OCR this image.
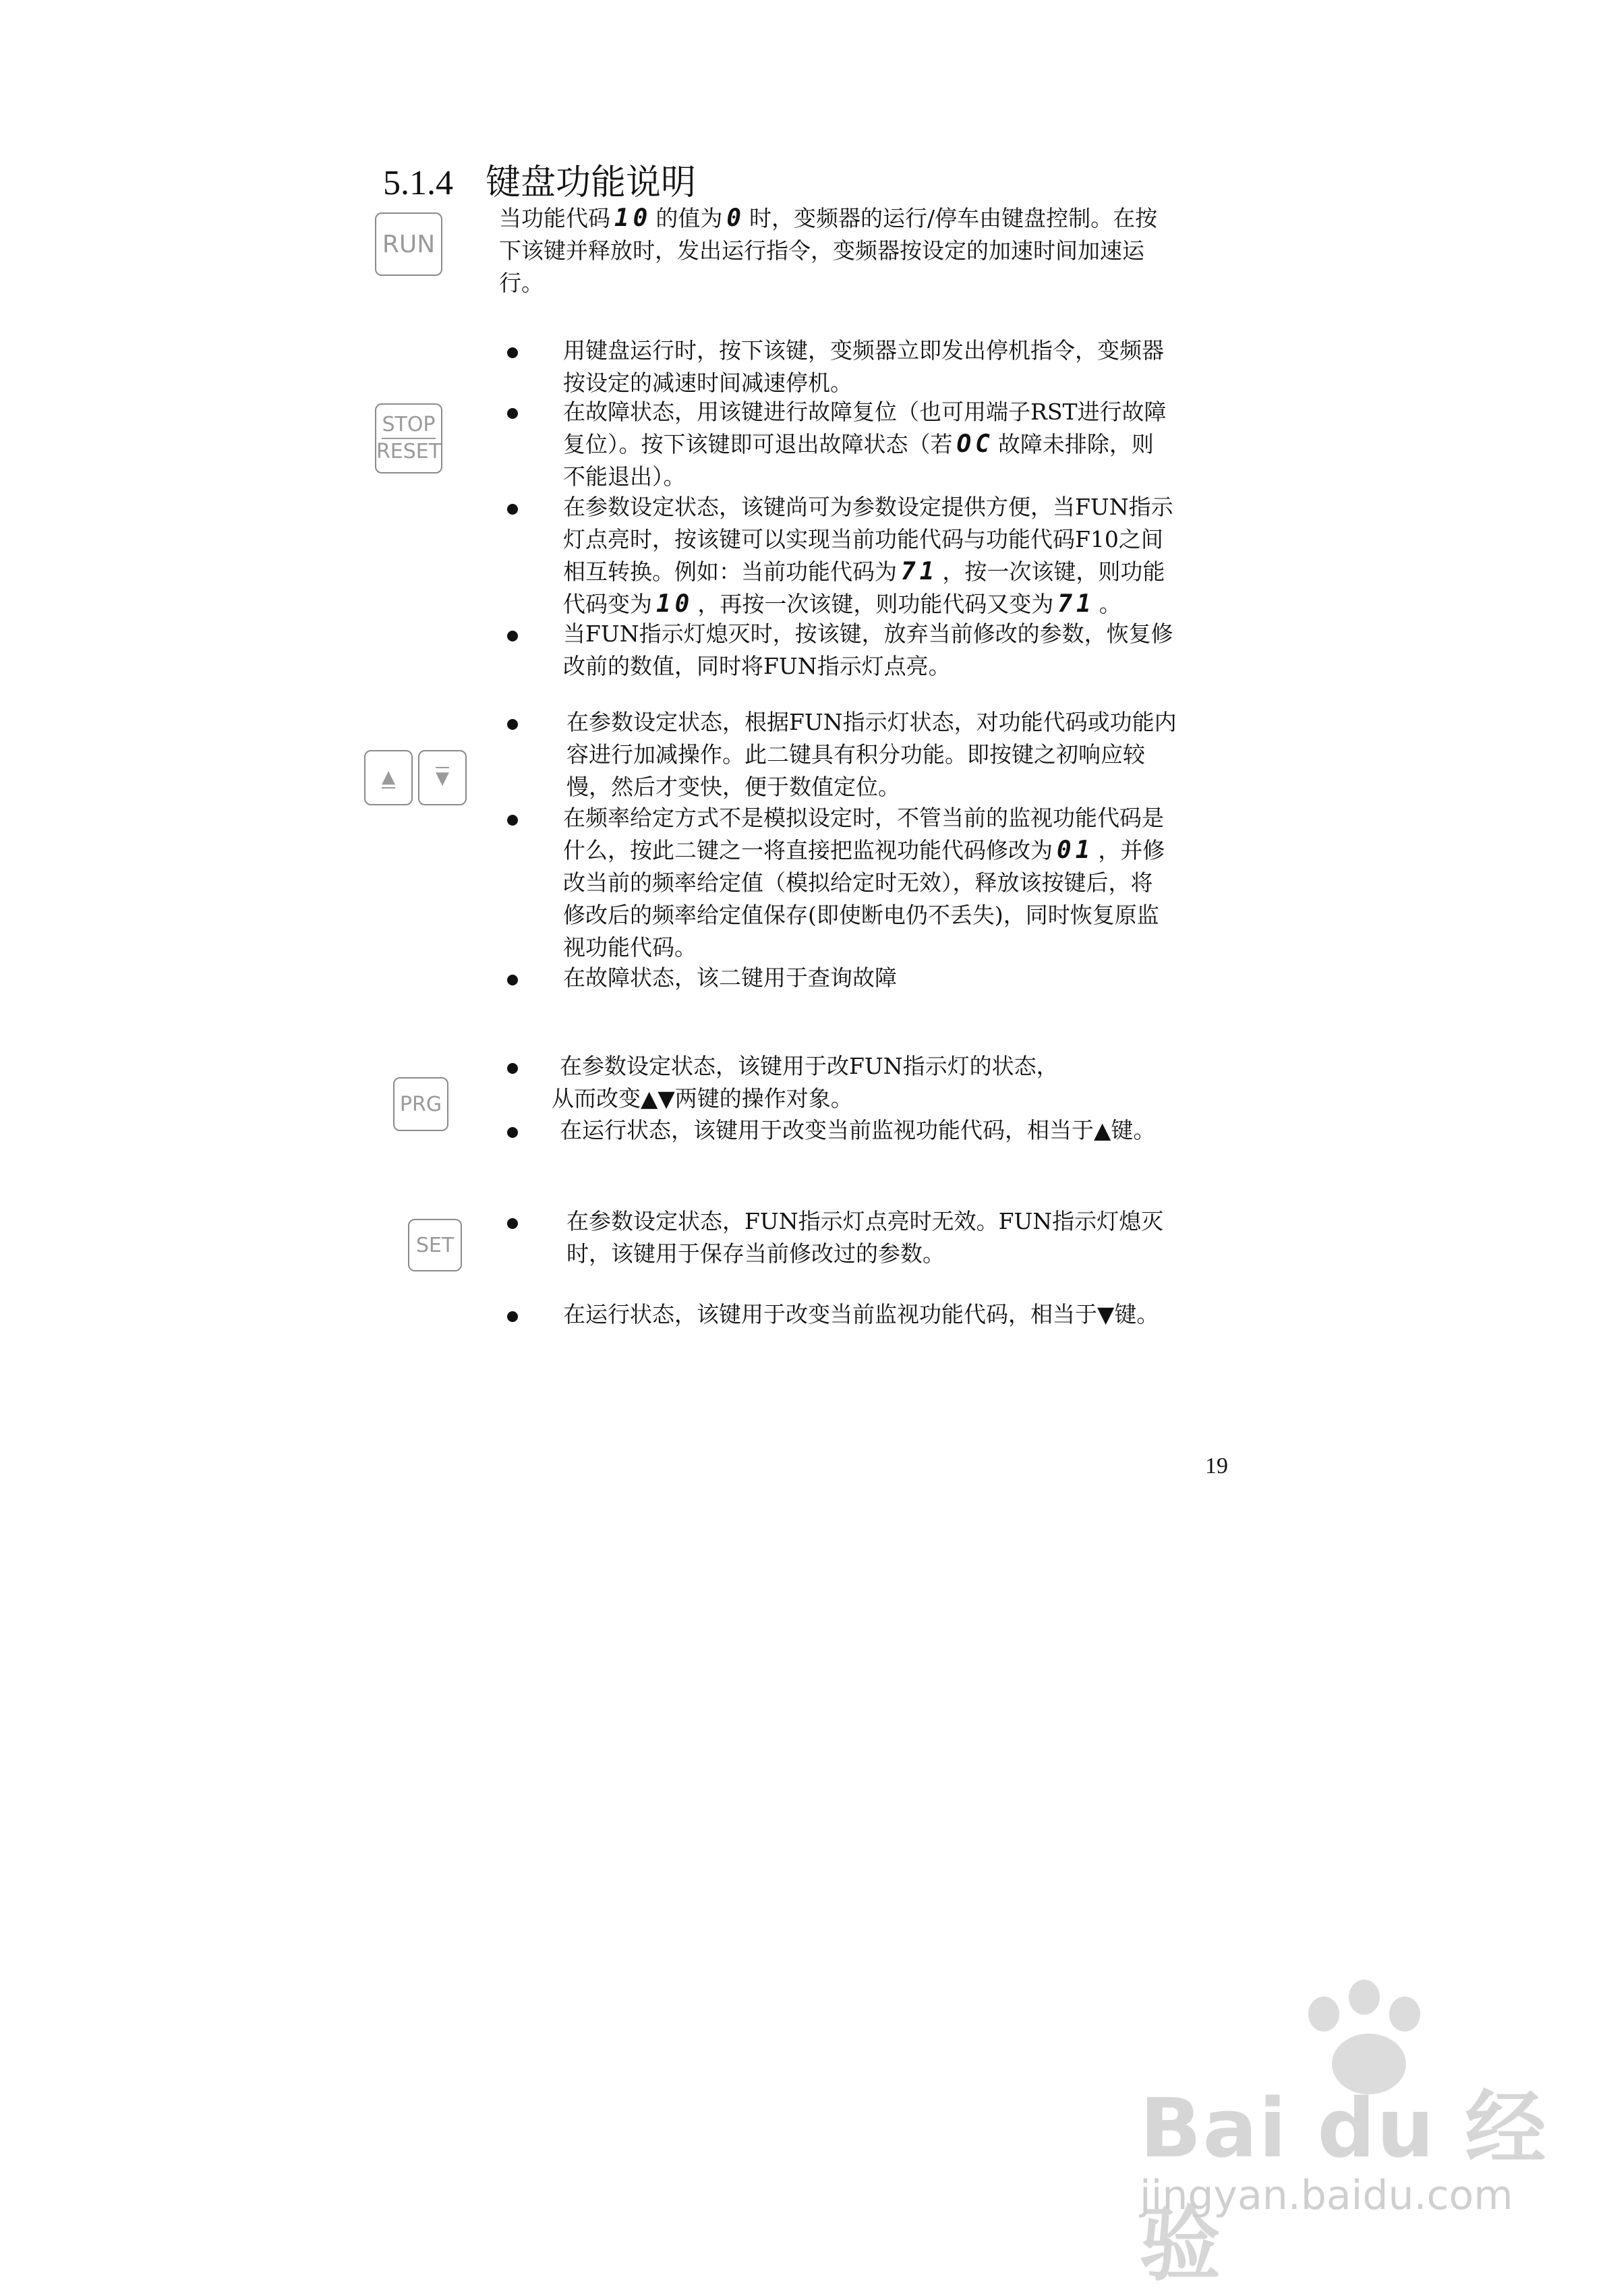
5.1.4 键盘功能说明
RUN
当功能代码 10 的值为 0 时，变频器的运行/停车由键盘控制。在按
下该键并释放时，发出运行指令，变频器按设定的加速时间加速运
行。
STOP
RESET
用键盘运行时，按下该键，变频器立即发出停机指令，变频器
按设定的减速时间减速停机。
在故障状态，用该键进行故障复位（也可用端子RST进行故障
复位）。按下该键即可退出故障状态（若 OC 故障未排除，则
不能退出）。
在参数设定状态，该键尚可为参数设定提供方便，当FUN指示
灯点亮时，按该键可以实现当前功能代码与功能代码F10之间
相互转换。例如：当前功能代码为 71 ，按一次该键，则功能
代码变为 10 ，再按一次该键，则功能代码又变为 71 。
当FUN指示灯熄灭时，按该键，放弃当前修改的参数，恢复修
改前的数值，同时将FUN指示灯点亮。
▲ ▼
在参数设定状态，根据FUN指示灯状态，对功能代码或功能内
容进行加减操作。此二键具有积分功能。即按键之初响应较
慢，然后才变快，便于数值定位。
在频率给定方式不是模拟设定时，不管当前的监视功能代码是
什么，按此二键之一将直接把监视功能代码修改为 01 ，并修
改当前的频率给定值（模拟给定时无效），释放该按键后，将
修改后的频率给定值保存(即使断电仍不丢失)，同时恢复原监
视功能代码。
在故障状态，该二键用于查询故障
PRG
在参数设定状态，该键用于改FUN指示灯的状态，
从而改变▲▼两键的操作对象。
在运行状态，该键用于改变当前监视功能代码，相当于▲键。
SET
在参数设定状态，FUN指示灯点亮时无效。FUN指示灯熄灭
时，该键用于保存当前修改过的参数。
在运行状态，该键用于改变当前监视功能代码，相当于▼键。
19
Bai du 经验
jingyan.baidu.com
